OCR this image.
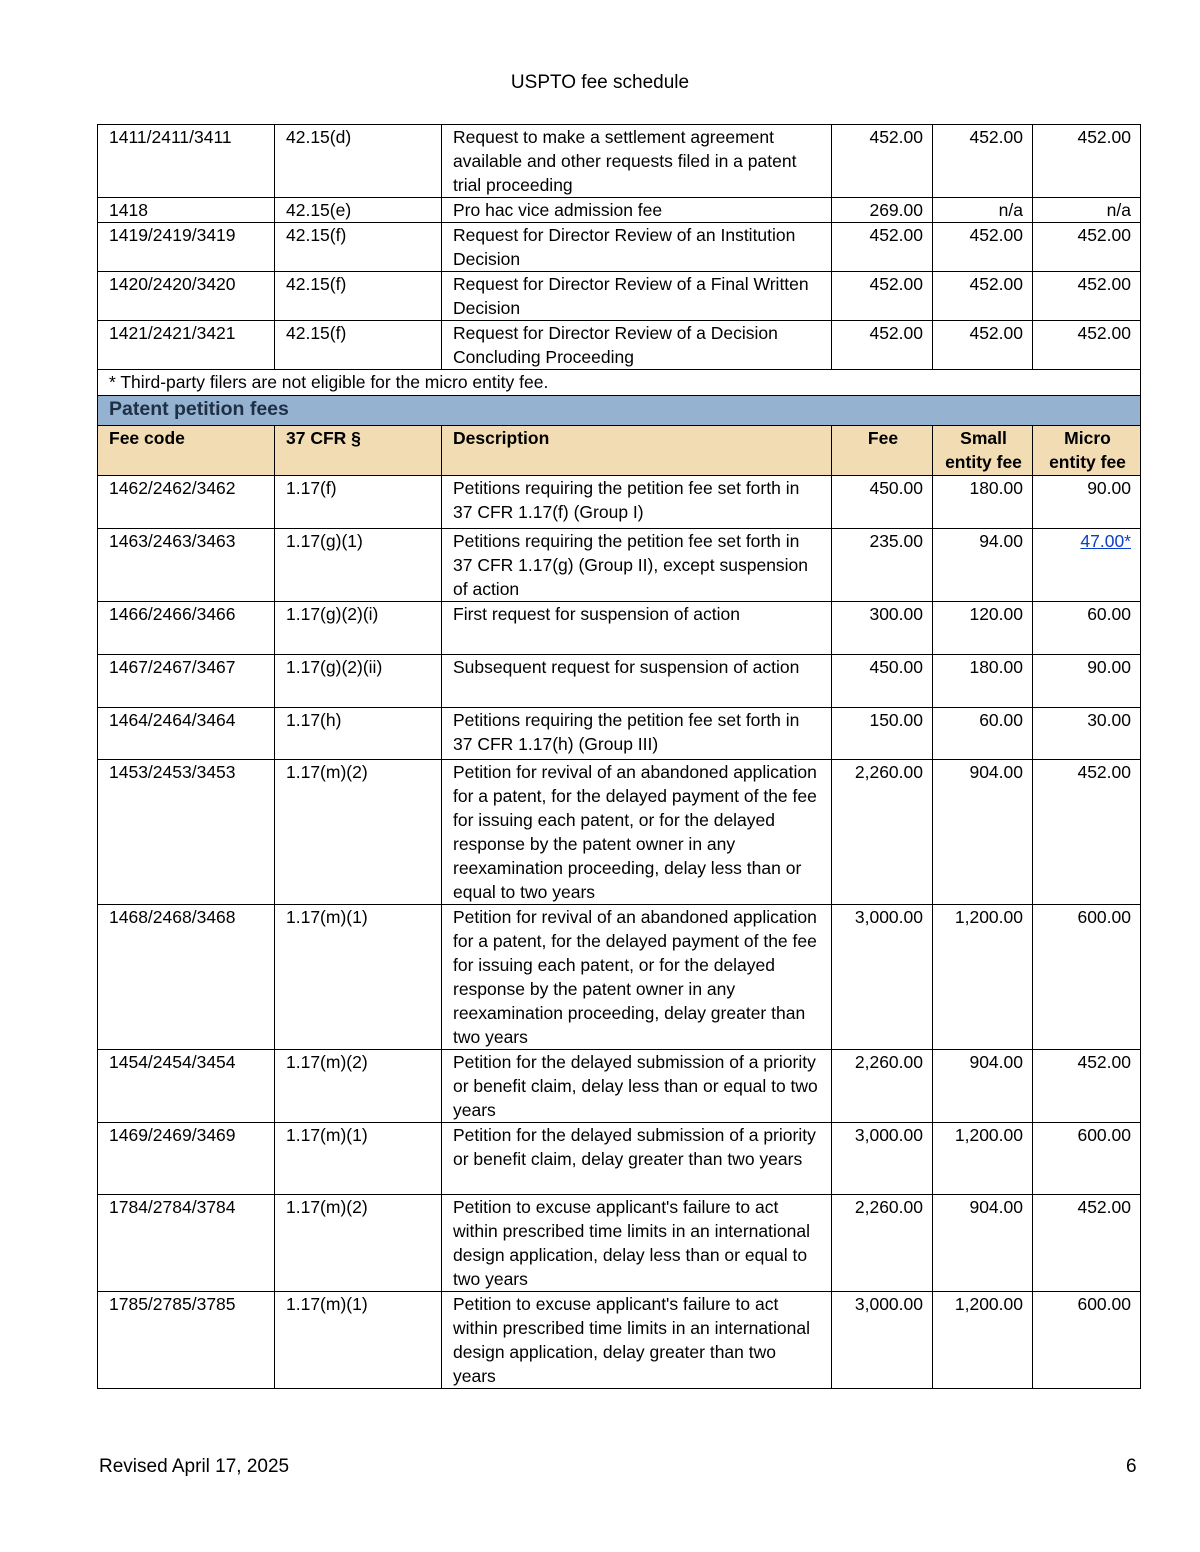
USPTO fee schedule
1411/2411/3411	42.15(d)	Request to make a settlement agreement available and other requests filed in a patent trial proceeding	452.00	452.00	452.00
1418	42.15(e)	Pro hac vice admission fee	269.00	n/a	n/a
1419/2419/3419	42.15(f)	Request for Director Review of an Institution Decision	452.00	452.00	452.00
1420/2420/3420	42.15(f)	Request for Director Review of a Final Written Decision	452.00	452.00	452.00
1421/2421/3421	42.15(f)	Request for Director Review of a Decision Concluding Proceeding	452.00	452.00	452.00
* Third-party filers are not eligible for the micro entity fee.					
Patent petition fees					
Fee code	37 CFR §	Description	Fee	Small entity fee	Micro entity fee
1462/2462/3462	1.17(f)	Petitions requiring the petition fee set forth in 37 CFR 1.17(f) (Group I)	450.00	180.00	90.00
1463/2463/3463	1.17(g)(1)	Petitions requiring the petition fee set forth in 37 CFR 1.17(g) (Group II), except suspension of action	235.00	94.00	47.00*
1466/2466/3466	1.17(g)(2)(i)	First request for suspension of action	300.00	120.00	60.00
1467/2467/3467	1.17(g)(2)(ii)	Subsequent request for suspension of action	450.00	180.00	90.00
1464/2464/3464	1.17(h)	Petitions requiring the petition fee set forth in 37 CFR 1.17(h) (Group III)	150.00	60.00	30.00
1453/2453/3453	1.17(m)(2)	Petition for revival of an abandoned application for a patent, for the delayed payment of the fee for issuing each patent, or for the delayed response by the patent owner in any reexamination proceeding, delay less than or equal to two years	2,260.00	904.00	452.00
1468/2468/3468	1.17(m)(1)	Petition for revival of an abandoned application for a patent, for the delayed payment of the fee for issuing each patent, or for the delayed response by the patent owner in any reexamination proceeding, delay greater than two years	3,000.00	1,200.00	600.00
1454/2454/3454	1.17(m)(2)	Petition for the delayed submission of a priority or benefit claim, delay less than or equal to two years	2,260.00	904.00	452.00
1469/2469/3469	1.17(m)(1)	Petition for the delayed submission of a priority or benefit claim, delay greater than two years	3,000.00	1,200.00	600.00
1784/2784/3784	1.17(m)(2)	Petition to excuse applicant's failure to act within prescribed time limits in an international design application, delay less than or equal to two years	2,260.00	904.00	452.00
1785/2785/3785	1.17(m)(1)	Petition to excuse applicant's failure to act within prescribed time limits in an international design application, delay greater than two years	3,000.00	1,200.00	600.00
Revised April 17, 2025	6
